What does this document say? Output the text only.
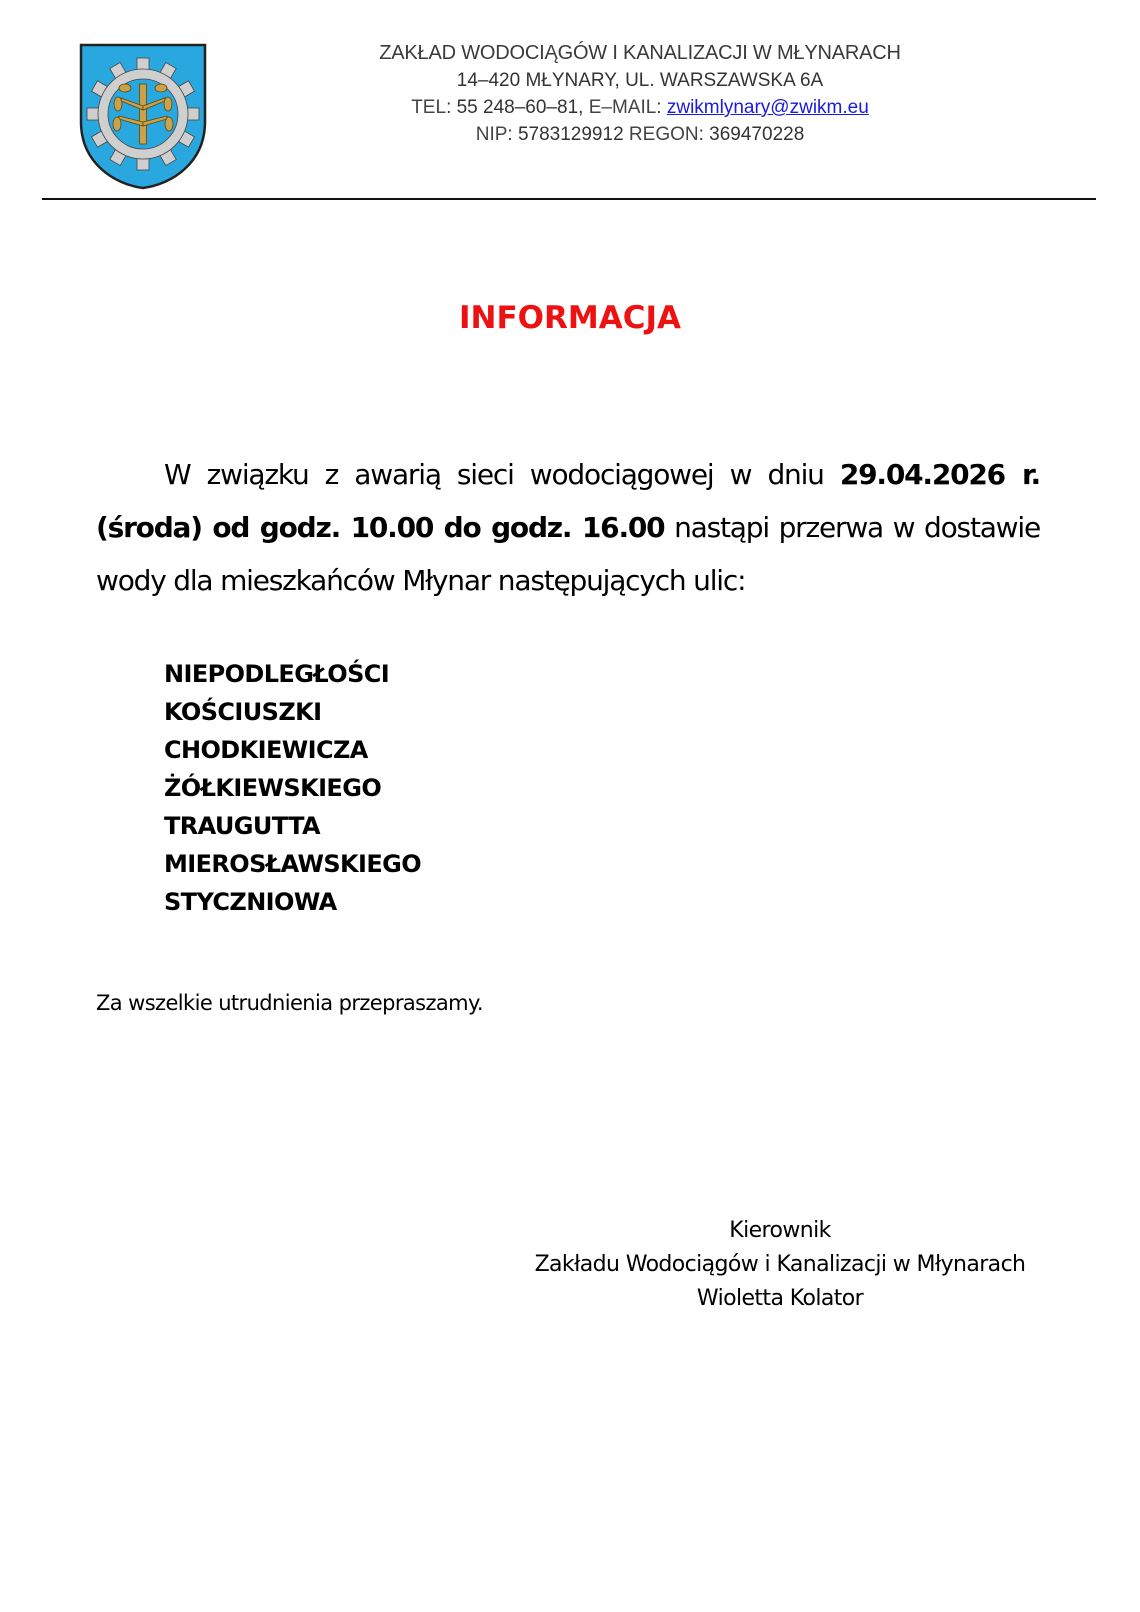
ZAKŁAD WODOCIĄGÓW I KANALIZACJI W MŁYNARACH
14–420 MŁYNARY, UL. WARSZAWSKA 6A
TEL: 55 248–60–81, E–MAIL: zwikmlynary@zwikm.eu
NIP: 5783129912 REGON: 369470228
INFORMACJA
W związku z awarią sieci wodociągowej w dniu 29.04.2026 r. (środa) od godz. 10.00 do godz. 16.00 nastąpi przerwa w dostawie wody dla mieszkańców Młynar następujących ulic:
NIEPODLEGŁOŚCI
KOŚCIUSZKI
CHODKIEWICZA
ŻÓŁKIEWSKIEGO
TRAUGUTTA
MIEROSŁAWSKIEGO
STYCZNIOWA
Za wszelkie utrudnienia przepraszamy.
Kierownik
Zakładu Wodociągów i Kanalizacji w Młynarach
Wioletta Kolator
